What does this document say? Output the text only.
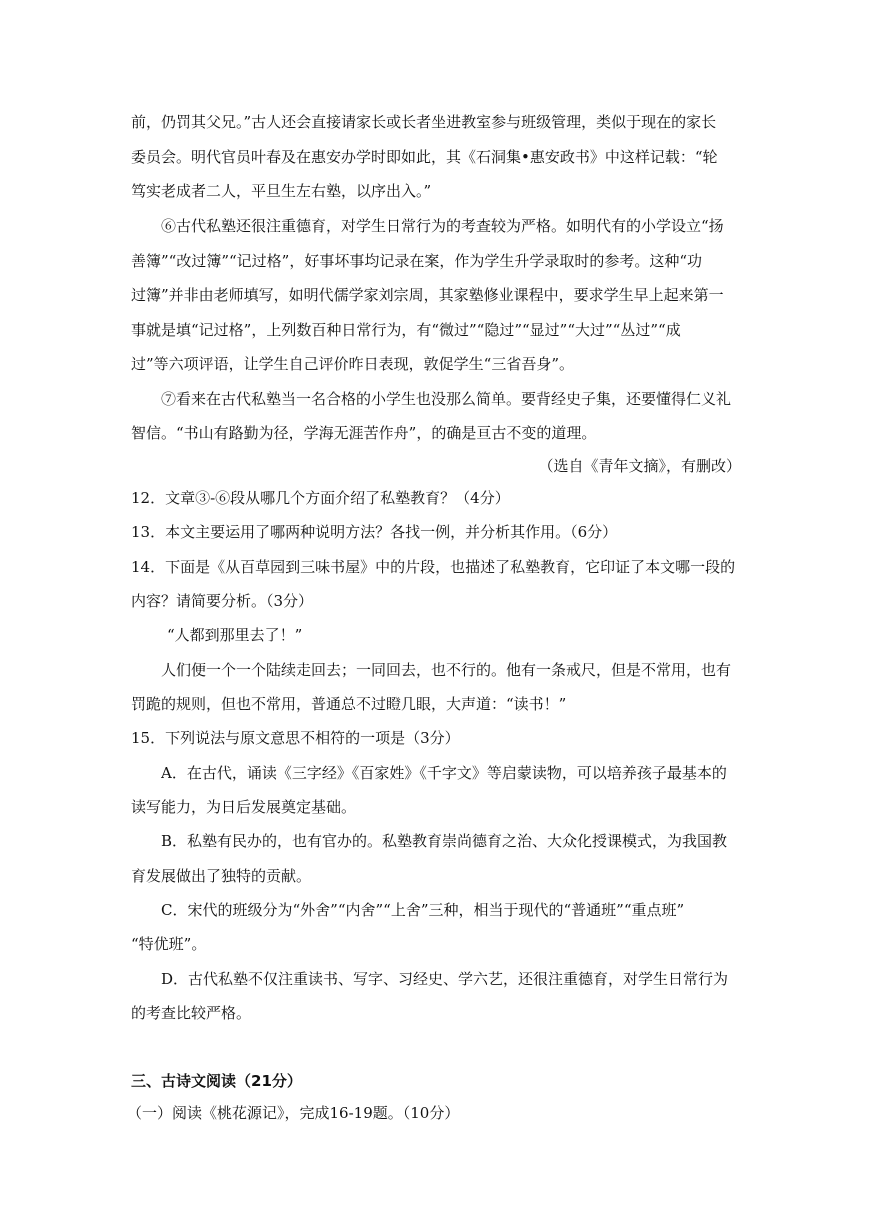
前，仍罚其父兄。”古人还会直接请家长或长者坐进教室参与班级管理，类似于现在的家长
委员会。明代官员叶春及在惠安办学时即如此，其《石洞集•惠安政书》中这样记载：“轮
笃实老成者二人，平旦生左右塾，以序出入。”
⑥古代私塾还很注重德育，对学生日常行为的考查较为严格。如明代有的小学设立“扬
善簿”“改过簿”“记过格”，好事坏事均记录在案，作为学生升学录取时的参考。这种“功
过簿”并非由老师填写，如明代儒学家刘宗周，其家塾修业课程中，要求学生早上起来第一
事就是填“记过格”，上列数百种日常行为，有“微过”“隐过”“显过”“大过”“丛过”“成
过”等六项评语，让学生自己评价昨日表现，敦促学生“三省吾身”。
⑦看来在古代私塾当一名合格的小学生也没那么简单。要背经史子集，还要懂得仁义礼
智信。“书山有路勤为径，学海无涯苦作舟”，的确是亘古不变的道理。
（选自《青年文摘》，有删改）
12．文章③-⑥段从哪几个方面介绍了私塾教育？（4分）
13．本文主要运用了哪两种说明方法？各找一例，并分析其作用。（6分）
14．下面是《从百草园到三味书屋》中的片段，也描述了私塾教育，它印证了本文哪一段的
内容？请简要分析。（3分）
“人都到那里去了！”
人们便一个一个陆续走回去；一同回去，也不行的。他有一条戒尺，但是不常用，也有
罚跪的规则，但也不常用，普通总不过瞪几眼，大声道：“读书！”
15．下列说法与原文意思不相符的一项是（3分）
A．在古代，诵读《三字经》《百家姓》《千字文》等启蒙读物，可以培养孩子最基本的
读写能力，为日后发展奠定基础。
B．私塾有民办的，也有官办的。私塾教育崇尚德育之治、大众化授课模式，为我国教
育发展做出了独特的贡献。
C．宋代的班级分为“外舍”“内舍”“上舍”三种，相当于现代的“普通班”“重点班”
“特优班”。
D．古代私塾不仅注重读书、写字、习经史、学六艺，还很注重德育，对学生日常行为
的考查比较严格。
三、古诗文阅读（21分）
（一）阅读《桃花源记》，完成16-19题。（10分）
